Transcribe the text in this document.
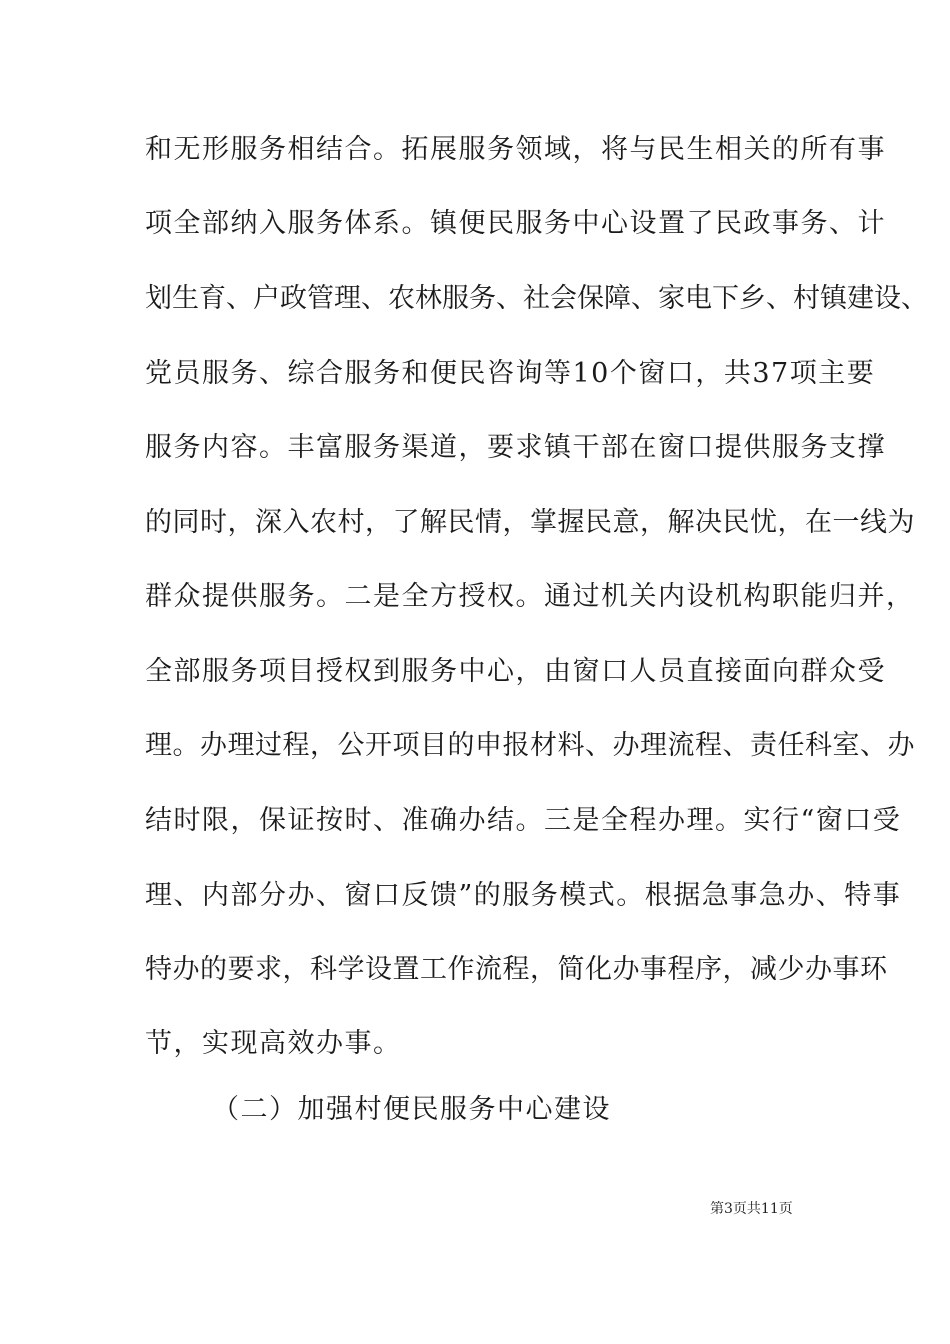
和无形服务相结合。拓展服务领域，将与民生相关的所有事
项全部纳入服务体系。镇便民服务中心设置了民政事务、计
划生育、户政管理、农林服务、社会保障、家电下乡、村镇建设、
党员服务、综合服务和便民咨询等10个窗口，共37项主要
服务内容。丰富服务渠道，要求镇干部在窗口提供服务支撑
的同时，深入农村，了解民情，掌握民意，解决民忧，在一线为
群众提供服务。二是全方授权。通过机关内设机构职能归并，
全部服务项目授权到服务中心，由窗口人员直接面向群众受
理。办理过程，公开项目的申报材料、办理流程、责任科室、办
结时限，保证按时、准确办结。三是全程办理。实行“窗口受
理、内部分办、窗口反馈”的服务模式。根据急事急办、特事
特办的要求，科学设置工作流程，简化办事程序，减少办事环
节，实现高效办事。
（二）加强村便民服务中心建设
第3页共11页
